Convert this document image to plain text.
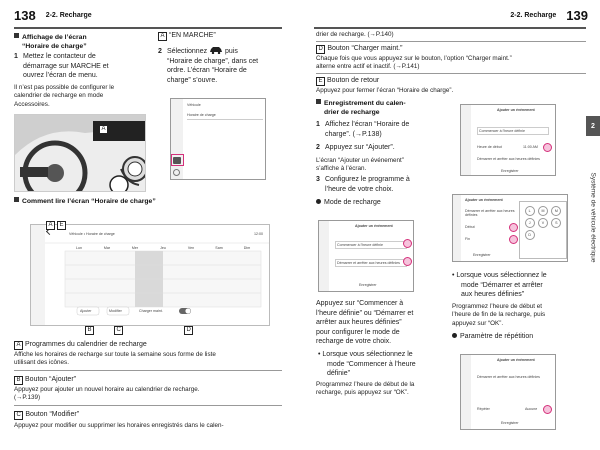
138 2-2. Recharge	2-2. Recharge 139
2
Système de véhicule électrique
Affichage de l’écran
“Horaire de charge”
1 Mettez le contacteur de

démarrage sur MARCHE et
ouvrez l’écran de menu.
Il n’est pas possible de configurer le
calendrier de recharge en mode
Accessoires.
A
A “EN MARCHE”
2 Sélectionnez	puis

“Horaire de charge”, dans cet
ordre. L’écran “Horaire de
charge” s’ouvre.
Véhicule
Horaire de charge
Comment lire l’écran “Horaire de charge”
Véhicule • Horaire de charge	12:00
Lun	Mar	Mer	Jeu	Ven	Sam	Dim
Ajouter	Modifier	Charger maint.
A	E
B	C	D
A Programmes du calendrier de recharge
Affiche les horaires de recharge sur toute la semaine sous forme de liste
utilisant des icônes.
B Bouton “Ajouter”
Appuyez pour ajouter un nouvel horaire au calendrier de recharge.
(→P.139)
C Bouton “Modifier”
Appuyez pour modifier ou supprimer les horaires enregistrés dans le calen-
drier de recharge. (→P.140)
D Bouton “Charger maint.”
Chaque fois que vous appuyez sur le bouton, l’option “Charger maint.”
alterne entre actif et inactif. (→P.141)
E Bouton de retour
Appuyez pour fermer l’écran “Horaire de charge”.
Enregistrement du calen-
drier de recharge
1 Affichez l’écran “Horaire de

charge”. (→P.138)
2 Appuyez sur “Ajouter”.
L’écran “Ajouter un événement”
s’affiche à l’écran.
3 Configurez le programme à

l’heure de votre choix.
Mode de recharge
Ajouter un événement
Commencer à l’heure définie
Démarrer et arrêter aux heures définies
Enregistrer
Appuyez sur “Commencer à
l’heure définie” ou “Démarrer et
arrêter aux heures définies”
pour configurer le mode de
recharge de votre choix.
• Lorsque vous sélectionnez le

mode “Commencer à l’heure
définie”
Programmez l’heure de début de la
recharge, puis appuyez sur “OK”.
Ajouter un événement
Commencer à l’heure définie
Heure de début	11:00 AM
Démarrer et arrêter aux heures définies
Enregistrer
Ajouter un événement
Démarrer et arrêter aux heures définies
Début
Fin
Enregistrer
L	M	M
J	V	S
D
• Lorsque vous sélectionnez le

mode “Démarrer et arrêter
aux heures définies”
Programmez l’heure de début et
l’heure de fin de la recharge, puis
appuyez sur “OK”.
Paramètre de répétition
Ajouter un événement
Démarrer et arrêter aux heures définies
Répéter	Aucune
Enregistrer
